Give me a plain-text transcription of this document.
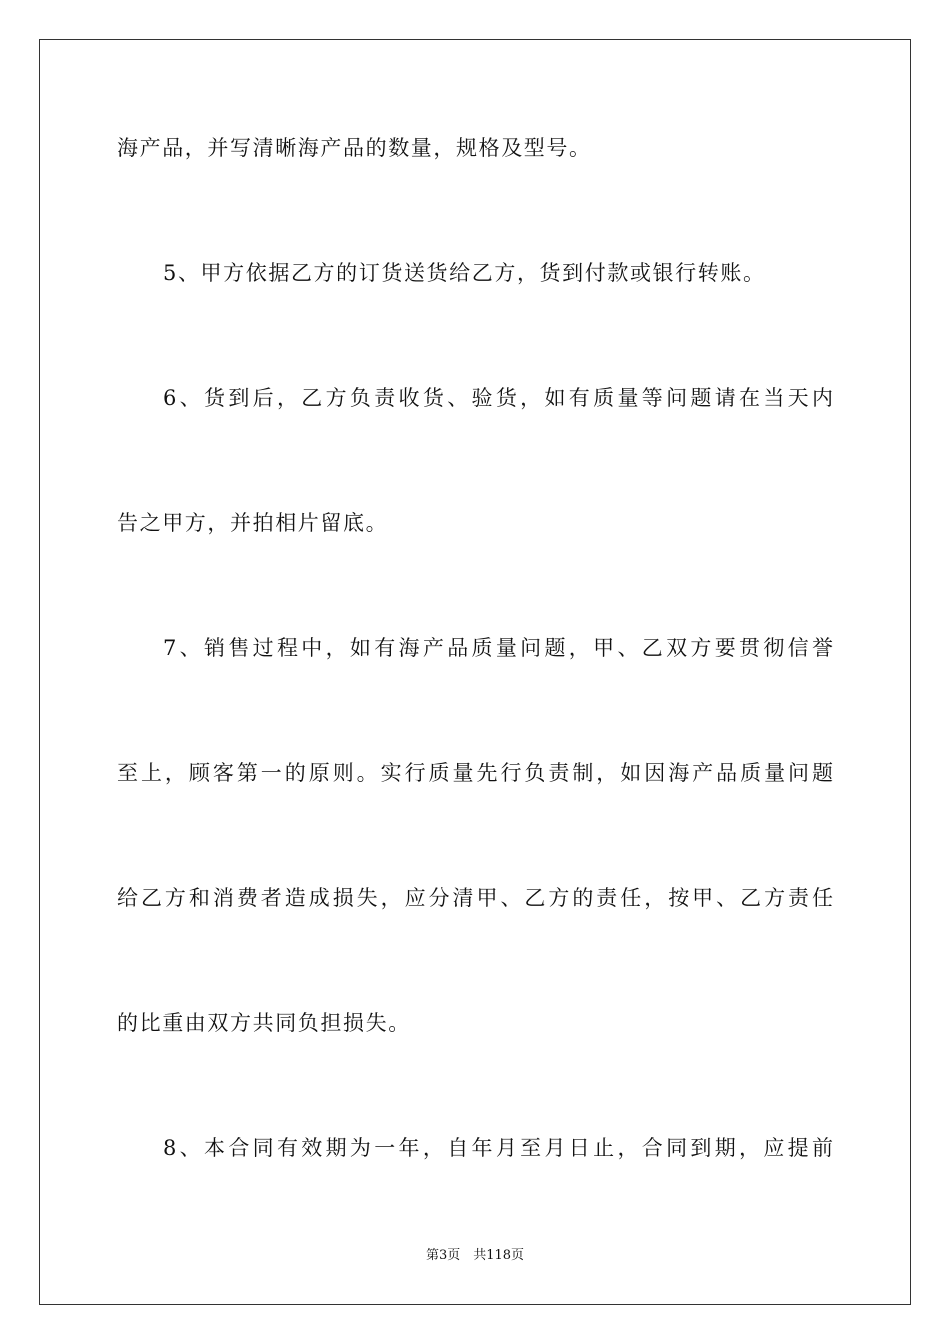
海产品，并写清晰海产品的数量，规格及型号。
5、甲方依据乙方的订货送货给乙方，货到付款或银行转账。
6、货到后，乙方负责收货、验货，如有质量等问题请在当天内
告之甲方，并拍相片留底。
7、销售过程中，如有海产品质量问题，甲、乙双方要贯彻信誉
至上，顾客第一的原则。实行质量先行负责制，如因海产品质量问题
给乙方和消费者造成损失，应分清甲、乙方的责任，按甲、乙方责任
的比重由双方共同负担损失。
8、本合同有效期为一年，自年月至月日止，合同到期，应提前
第3页　共118页
